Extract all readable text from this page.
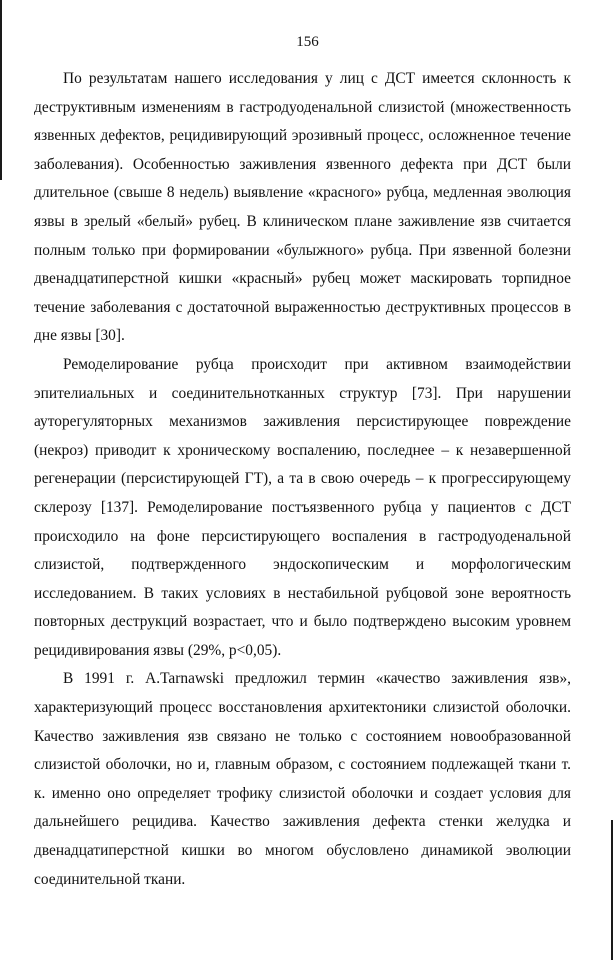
156

По результатам нашего исследования у лиц с ДСТ имеется склонность к деструктивным изменениям в гастродуоденальной слизистой (множественность язвенных дефектов, рецидивирующий эрозивный процесс, осложненное течение заболевания). Особенностью заживления язвенного дефекта при ДСТ были длительное (свыше 8 недель) выявление «красного» рубца, медленная эволюция язвы в зрелый «белый» рубец. В клиническом плане заживление язв считается полным только при формировании «булыжного» рубца. При язвенной болезни двенадцатиперстной кишки «красный» рубец может маскировать торпидное течение заболевания с достаточной выраженностью деструктивных процессов в дне язвы [30].

Ремоделирование рубца происходит при активном взаимодействии эпителиальных и соединительнотканных структур [73]. При нарушении ауторегуляторных механизмов заживления персистирующее повреждение (некроз) приводит к хроническому воспалению, последнее – к незавершенной регенерации (персистирующей ГТ), а та в свою очередь – к прогрессирующему склерозу [137]. Ремоделирование постъязвенного рубца у пациентов с ДСТ происходило на фоне персистирующего воспаления в гастродуоденальной слизистой, подтвержденного эндоскопическим и морфологическим исследованием. В таких условиях в нестабильной рубцовой зоне вероятность повторных деструкций возрастает, что и было подтверждено высоким уровнем рецидивирования язвы (29%, p<0,05).

В 1991 г. A.Tarnawski предложил термин «качество заживления язв», характеризующий процесс восстановления архитектоники слизистой оболочки. Качество заживления язв связано не только с состоянием новообразованной слизистой оболочки, но и, главным образом, с состоянием подлежащей ткани т. к. именно оно определяет трофику слизистой оболочки и создает условия для дальнейшего рецидива. Качество заживления дефекта стенки желудка и двенадцатиперстной кишки во многом обусловлено динамикой эволюции соединительной ткани.
